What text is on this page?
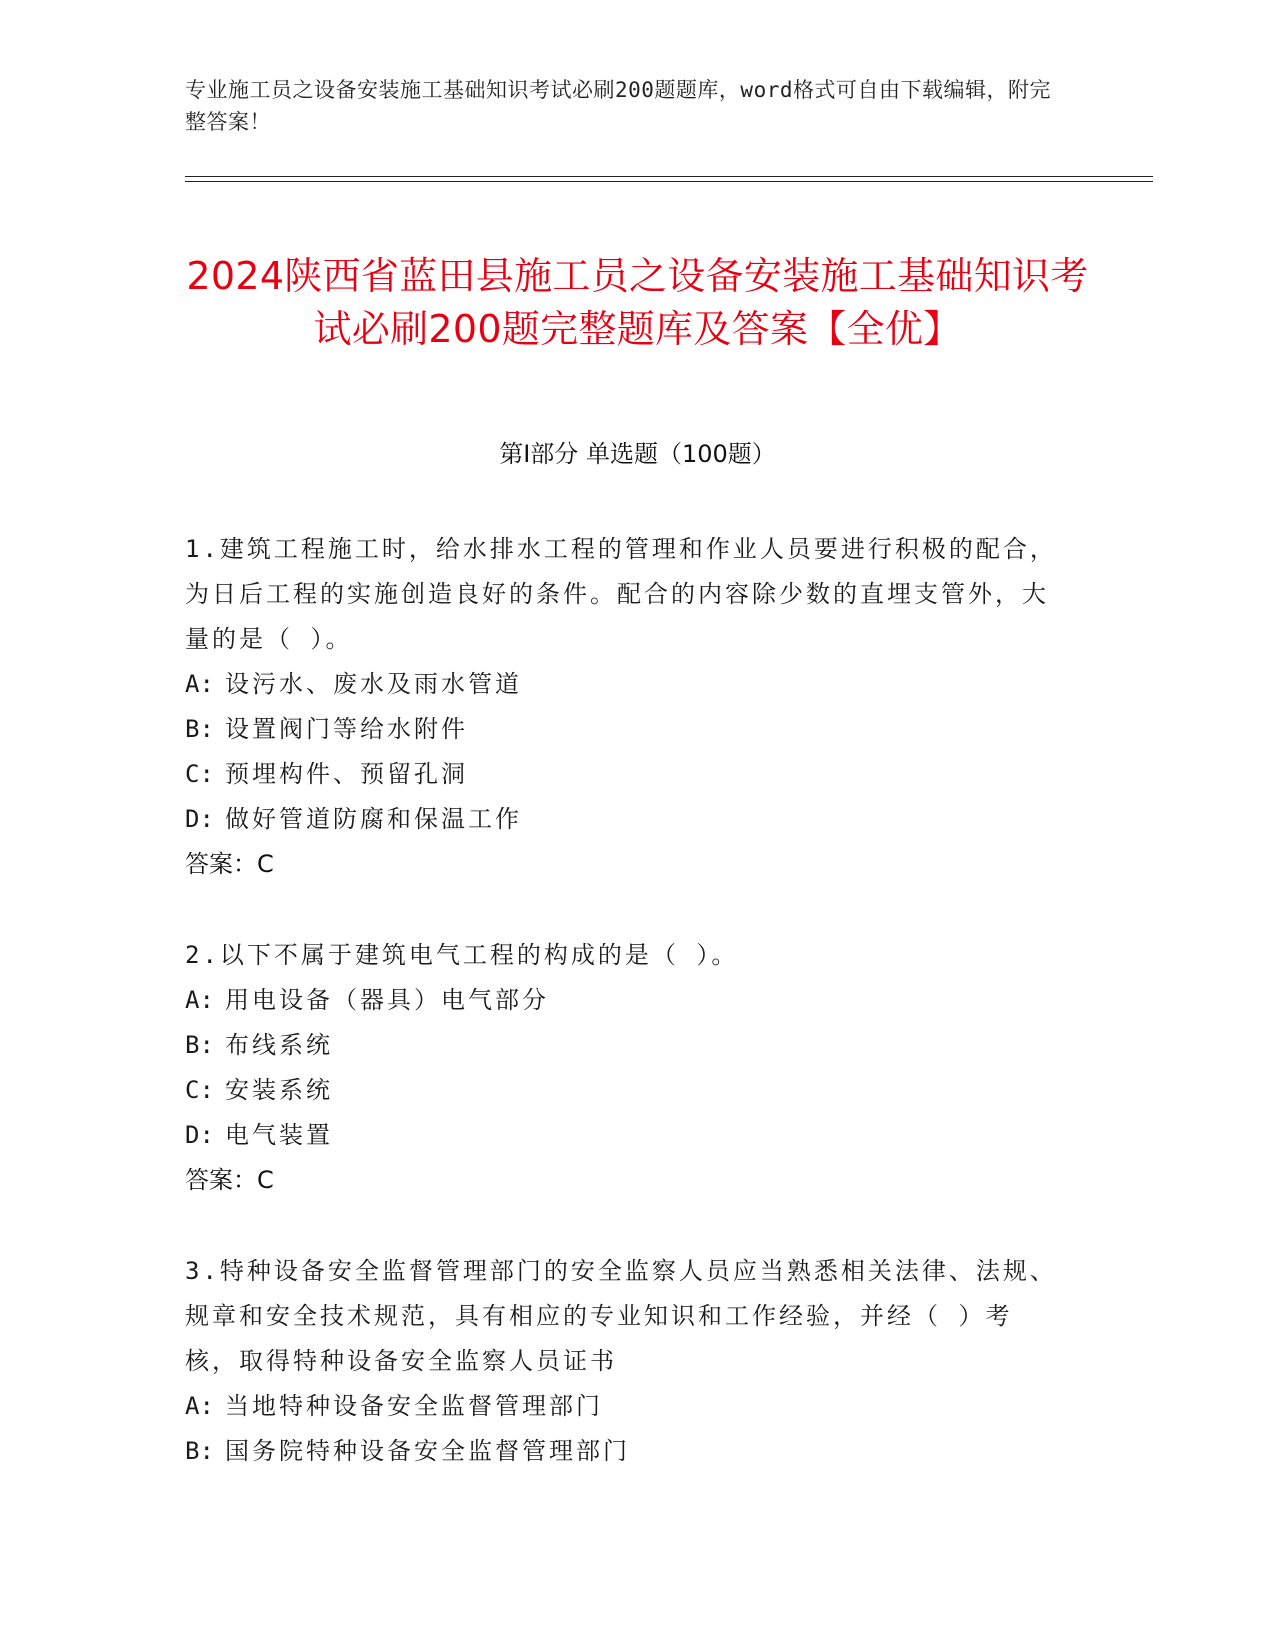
专业施工员之设备安装施工基础知识考试必刷200题题库，word格式可自由下载编辑，附完整答案！
2024陕西省蓝田县施工员之设备安装施工基础知识考试必刷200题完整题库及答案【全优】
第I部分 单选题（100题）

1.建筑工程施工时，给水排水工程的管理和作业人员要进行积极的配合，为日后工程的实施创造良好的条件。配合的内容除少数的直埋支管外，大量的是（ ）。

A: 设污水、废水及雨水管道

B: 设置阀门等给水附件

C: 预埋构件、预留孔洞

D: 做好管道防腐和保温工作

答案：C

2.以下不属于建筑电气工程的构成的是（ ）。

A: 用电设备（器具）电气部分

B: 布线系统

C: 安装系统

D: 电气装置

答案：C

3.特种设备安全监督管理部门的安全监察人员应当熟悉相关法律、法规、规章和安全技术规范，具有相应的专业知识和工作经验，并经（ ）考核，取得特种设备安全监察人员证书

A: 当地特种设备安全监督管理部门

B: 国务院特种设备安全监督管理部门
